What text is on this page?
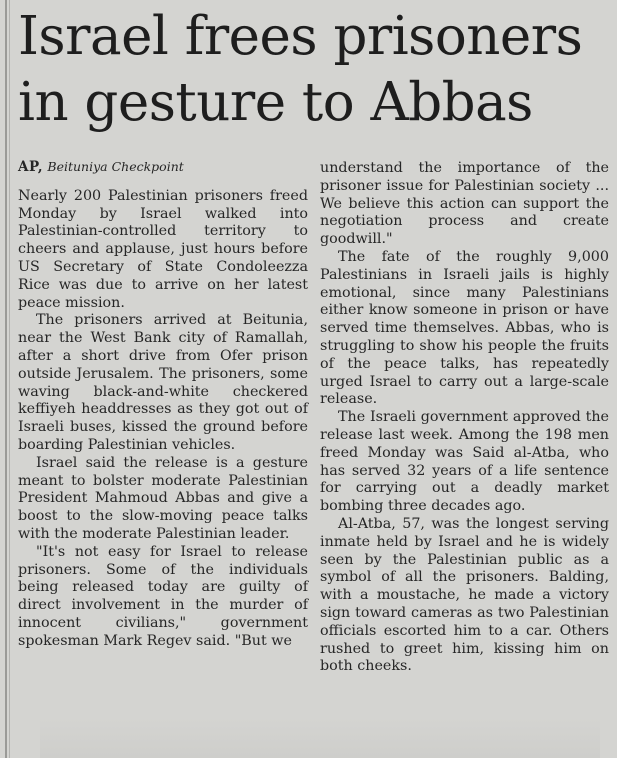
Israel frees prisoners in gesture to Abbas
AP, Beituniya Checkpoint

Nearly 200 Palestinian prisoners freed Monday by Israel walked into Palestinian-controlled territory to cheers and applause, just hours before US Secretary of State Condoleezza Rice was due to arrive on her latest peace mission.

The prisoners arrived at Beitunia, near the West Bank city of Ramallah, after a short drive from Ofer prison outside Jerusalem. The prisoners, some waving black-and-white checkered keffiyeh headdresses as they got out of Israeli buses, kissed the ground before boarding Palestinian vehicles.

Israel said the release is a gesture meant to bolster moderate Palestinian President Mahmoud Abbas and give a boost to the slow-moving peace talks with the moderate Palestinian leader.

"It's not easy for Israel to release prisoners. Some of the individuals being released today are guilty of direct involvement in the murder of innocent civilians," government spokesman Mark Regev said. "But we

understand the importance of the prisoner issue for Palestinian society ... We believe this action can support the negotiation process and create goodwill."

The fate of the roughly 9,000 Palestinians in Israeli jails is highly emotional, since many Palestinians either know someone in prison or have served time themselves. Abbas, who is struggling to show his people the fruits of the peace talks, has repeatedly urged Israel to carry out a large-scale release.

The Israeli government approved the release last week. Among the 198 men freed Monday was Said al-Atba, who has served 32 years of a life sentence for carrying out a deadly market bombing three decades ago.

Al-Atba, 57, was the longest serving inmate held by Israel and he is widely seen by the Palestinian public as a symbol of all the prisoners. Balding, with a moustache, he made a victory sign toward cameras as two Palestinian officials escorted him to a car. Others rushed to greet him, kissing him on both cheeks.
